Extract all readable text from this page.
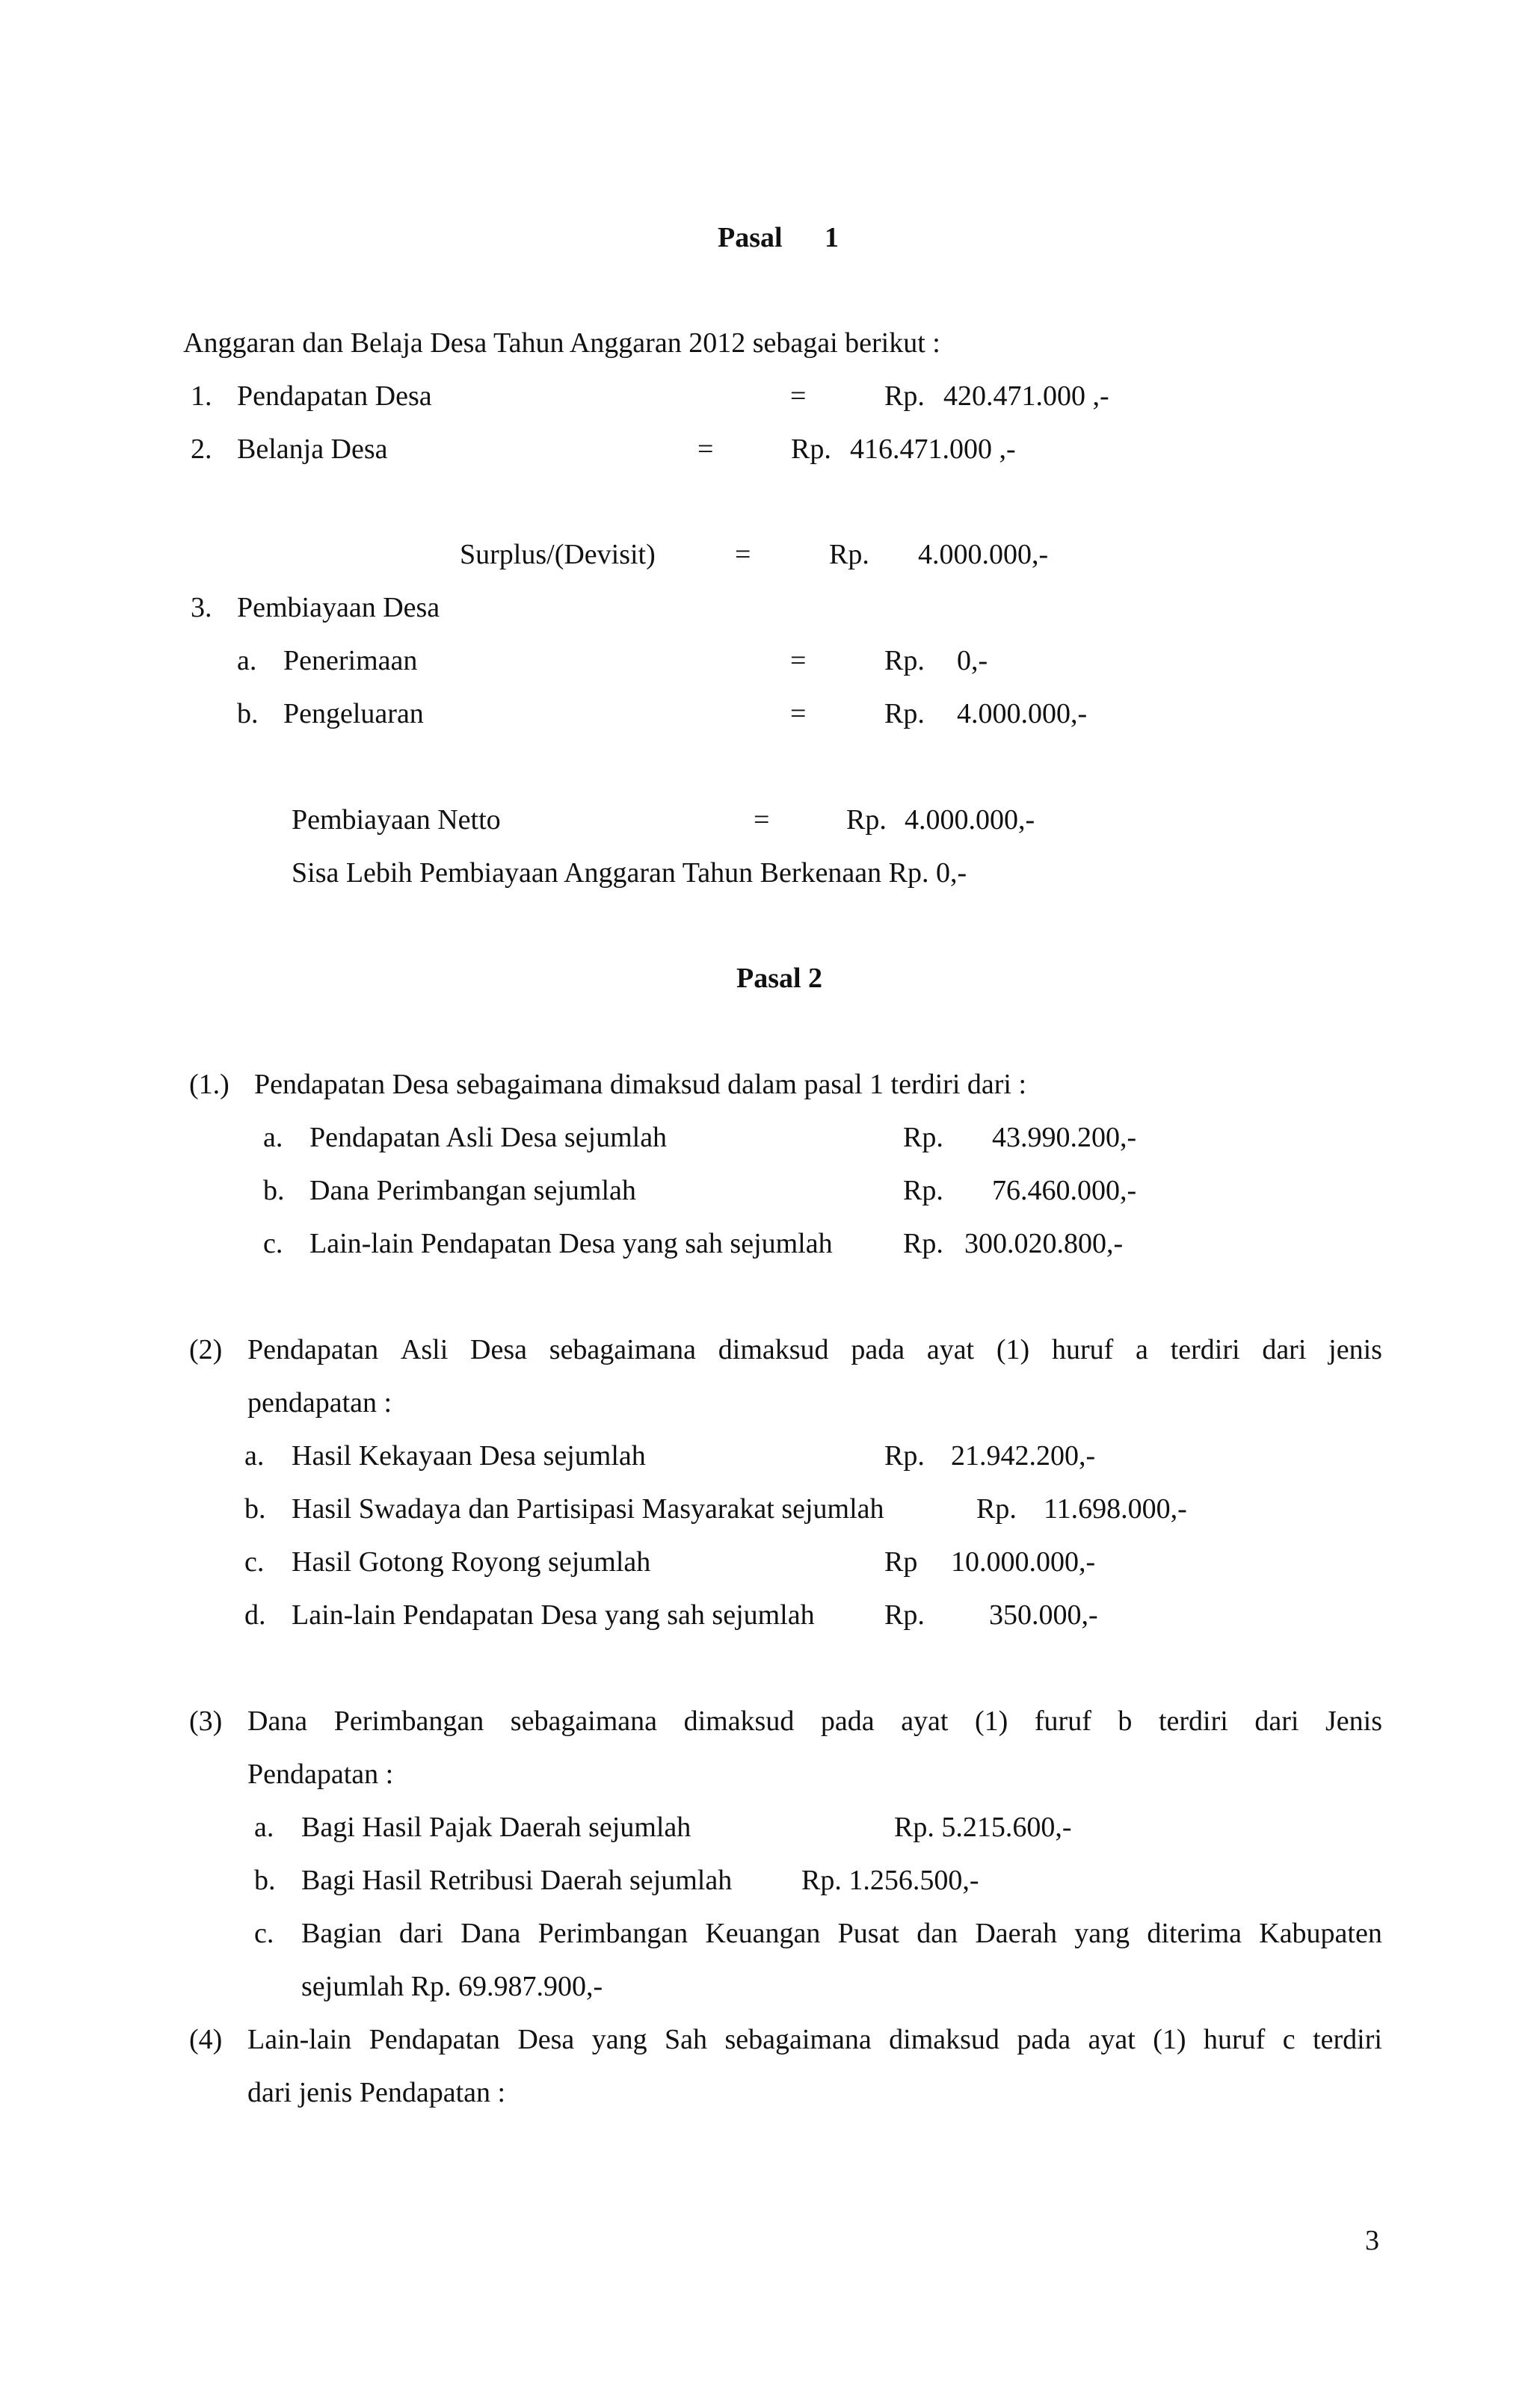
Pasal 1
Anggaran dan Belaja Desa Tahun Anggaran 2012 sebagai berikut :
1. Pendapatan Desa	=	Rp. 420.471.000 ,-
2. Belanja Desa	=	Rp. 416.471.000 ,-
Surplus/(Devisit)	=	Rp. 4.000.000,-
3. Pembiayaan Desa
a. Penerimaan	=	Rp. 0,-
b. Pengeluaran	=	Rp. 4.000.000,-
Pembiayaan Netto	=	Rp. 4.000.000,-
Sisa Lebih Pembiayaan Anggaran Tahun Berkenaan Rp. 0,-
Pasal 2
(1.) Pendapatan Desa sebagaimana dimaksud dalam pasal 1 terdiri dari :
a. Pendapatan Asli Desa sejumlah	Rp. 43.990.200,-
b. Dana Perimbangan sejumlah	Rp. 76.460.000,-
c. Lain-lain Pendapatan Desa yang sah sejumlah Rp. 300.020.800,-
(2) Pendapatan Asli Desa sebagaimana dimaksud pada ayat (1) huruf a terdiri dari jenis
pendapatan :
a. Hasil Kekayaan Desa sejumlah	Rp. 21.942.200,-
b. Hasil Swadaya dan Partisipasi Masyarakat sejumlah	Rp. 11.698.000,-
c. Hasil Gotong Royong sejumlah	Rp 10.000.000,-
d. Lain-lain Pendapatan Desa yang sah sejumlah Rp. 350.000,-
(3) Dana Perimbangan sebagaimana dimaksud pada ayat (1) furuf b terdiri dari Jenis
Pendapatan :
a. Bagi Hasil Pajak Daerah sejumlah	Rp. 5.215.600,-
b. Bagi Hasil Retribusi Daerah sejumlah Rp. 1.256.500,-
c. Bagian dari Dana Perimbangan Keuangan Pusat dan Daerah yang diterima Kabupaten
sejumlah Rp. 69.987.900,-
(4) Lain-lain Pendapatan Desa yang Sah sebagaimana dimaksud pada ayat (1) huruf c terdiri
dari jenis Pendapatan :
3
